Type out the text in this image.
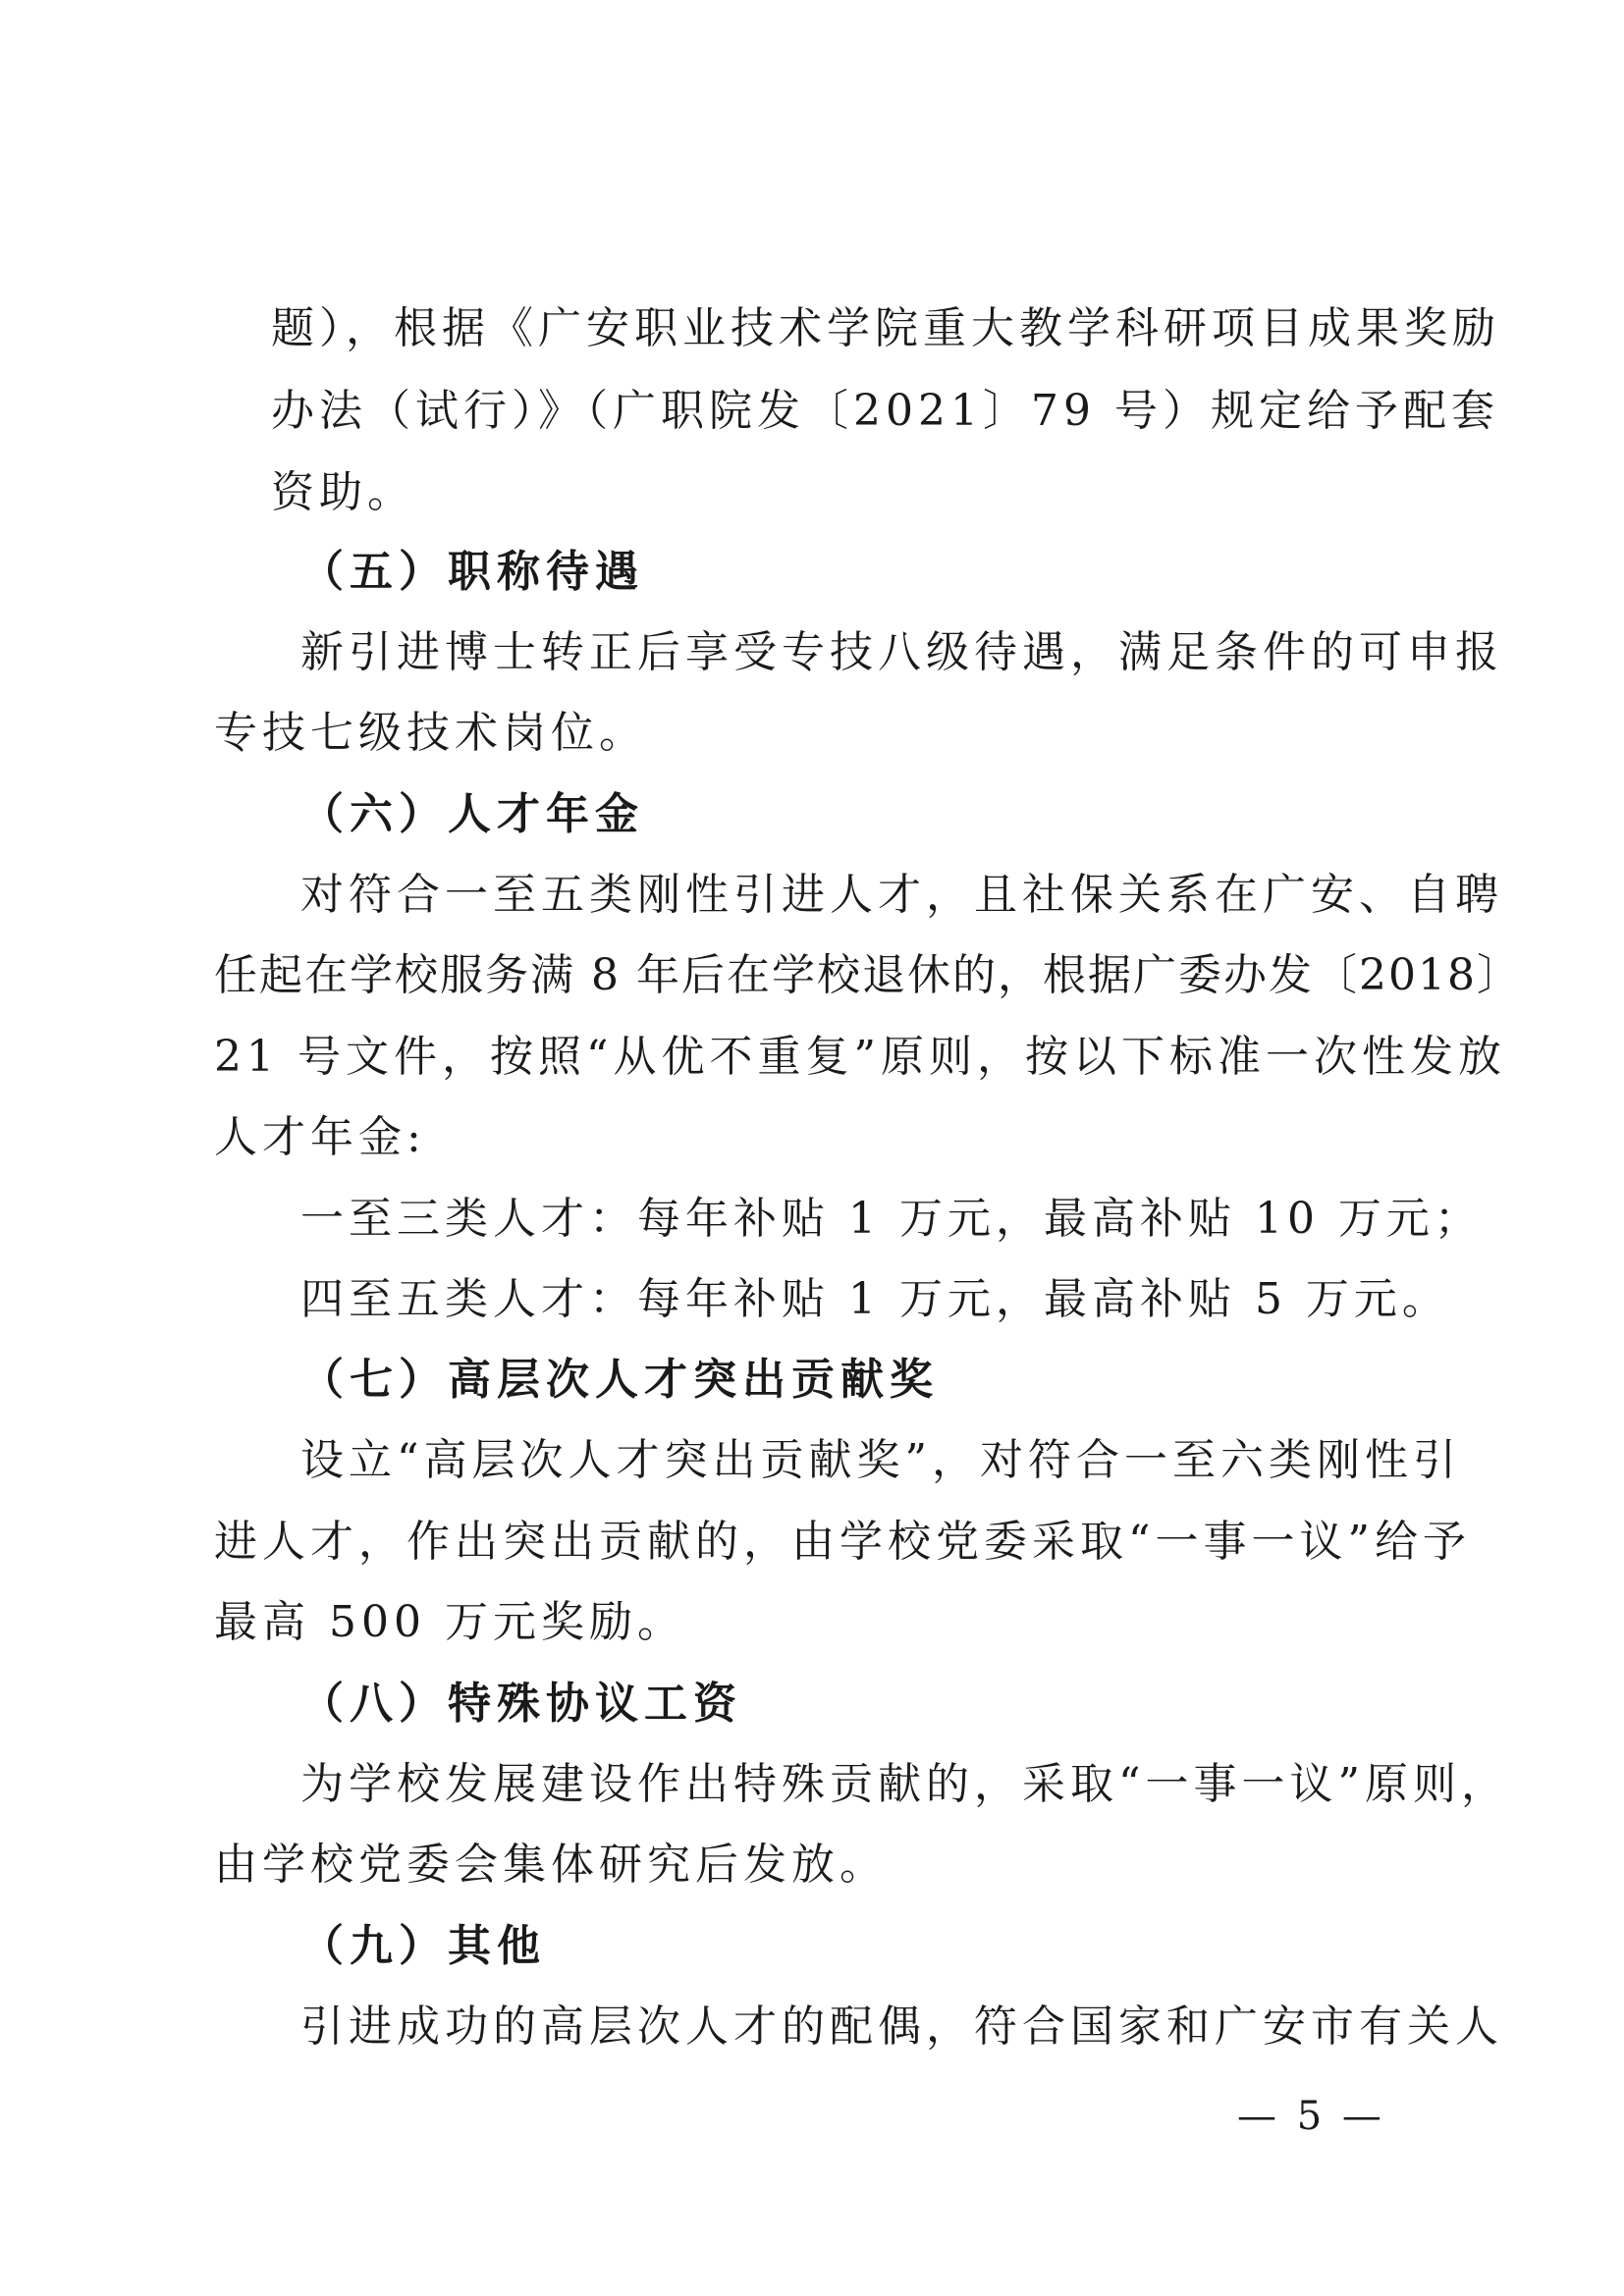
题），根据《广安职业技术学院重大教学科研项目成果奖励
办法（试行）》（广职院发〔2021〕79 号）规定给予配套
资助。
（五）职称待遇
新引进博士转正后享受专技八级待遇，满足条件的可申报
专技七级技术岗位。
（六）人才年金
对符合一至五类刚性引进人才，且社保关系在广安、自聘
任起在学校服务满 8 年后在学校退休的，根据广委办发〔2018〕
21 号文件，按照“从优不重复”原则，按以下标准一次性发放
人才年金:
一至三类人才：每年补贴 1 万元，最高补贴 10 万元；
四至五类人才：每年补贴 1 万元，最高补贴 5 万元。
（七）高层次人才突出贡献奖
设立“高层次人才突出贡献奖”，对符合一至六类刚性引
进人才，作出突出贡献的，由学校党委采取“一事一议”给予
最高 500 万元奖励。
（八）特殊协议工资
为学校发展建设作出特殊贡献的，采取“一事一议”原则，
由学校党委会集体研究后发放。
（九）其他
引进成功的高层次人才的配偶，符合国家和广安市有关人
— 5 —
